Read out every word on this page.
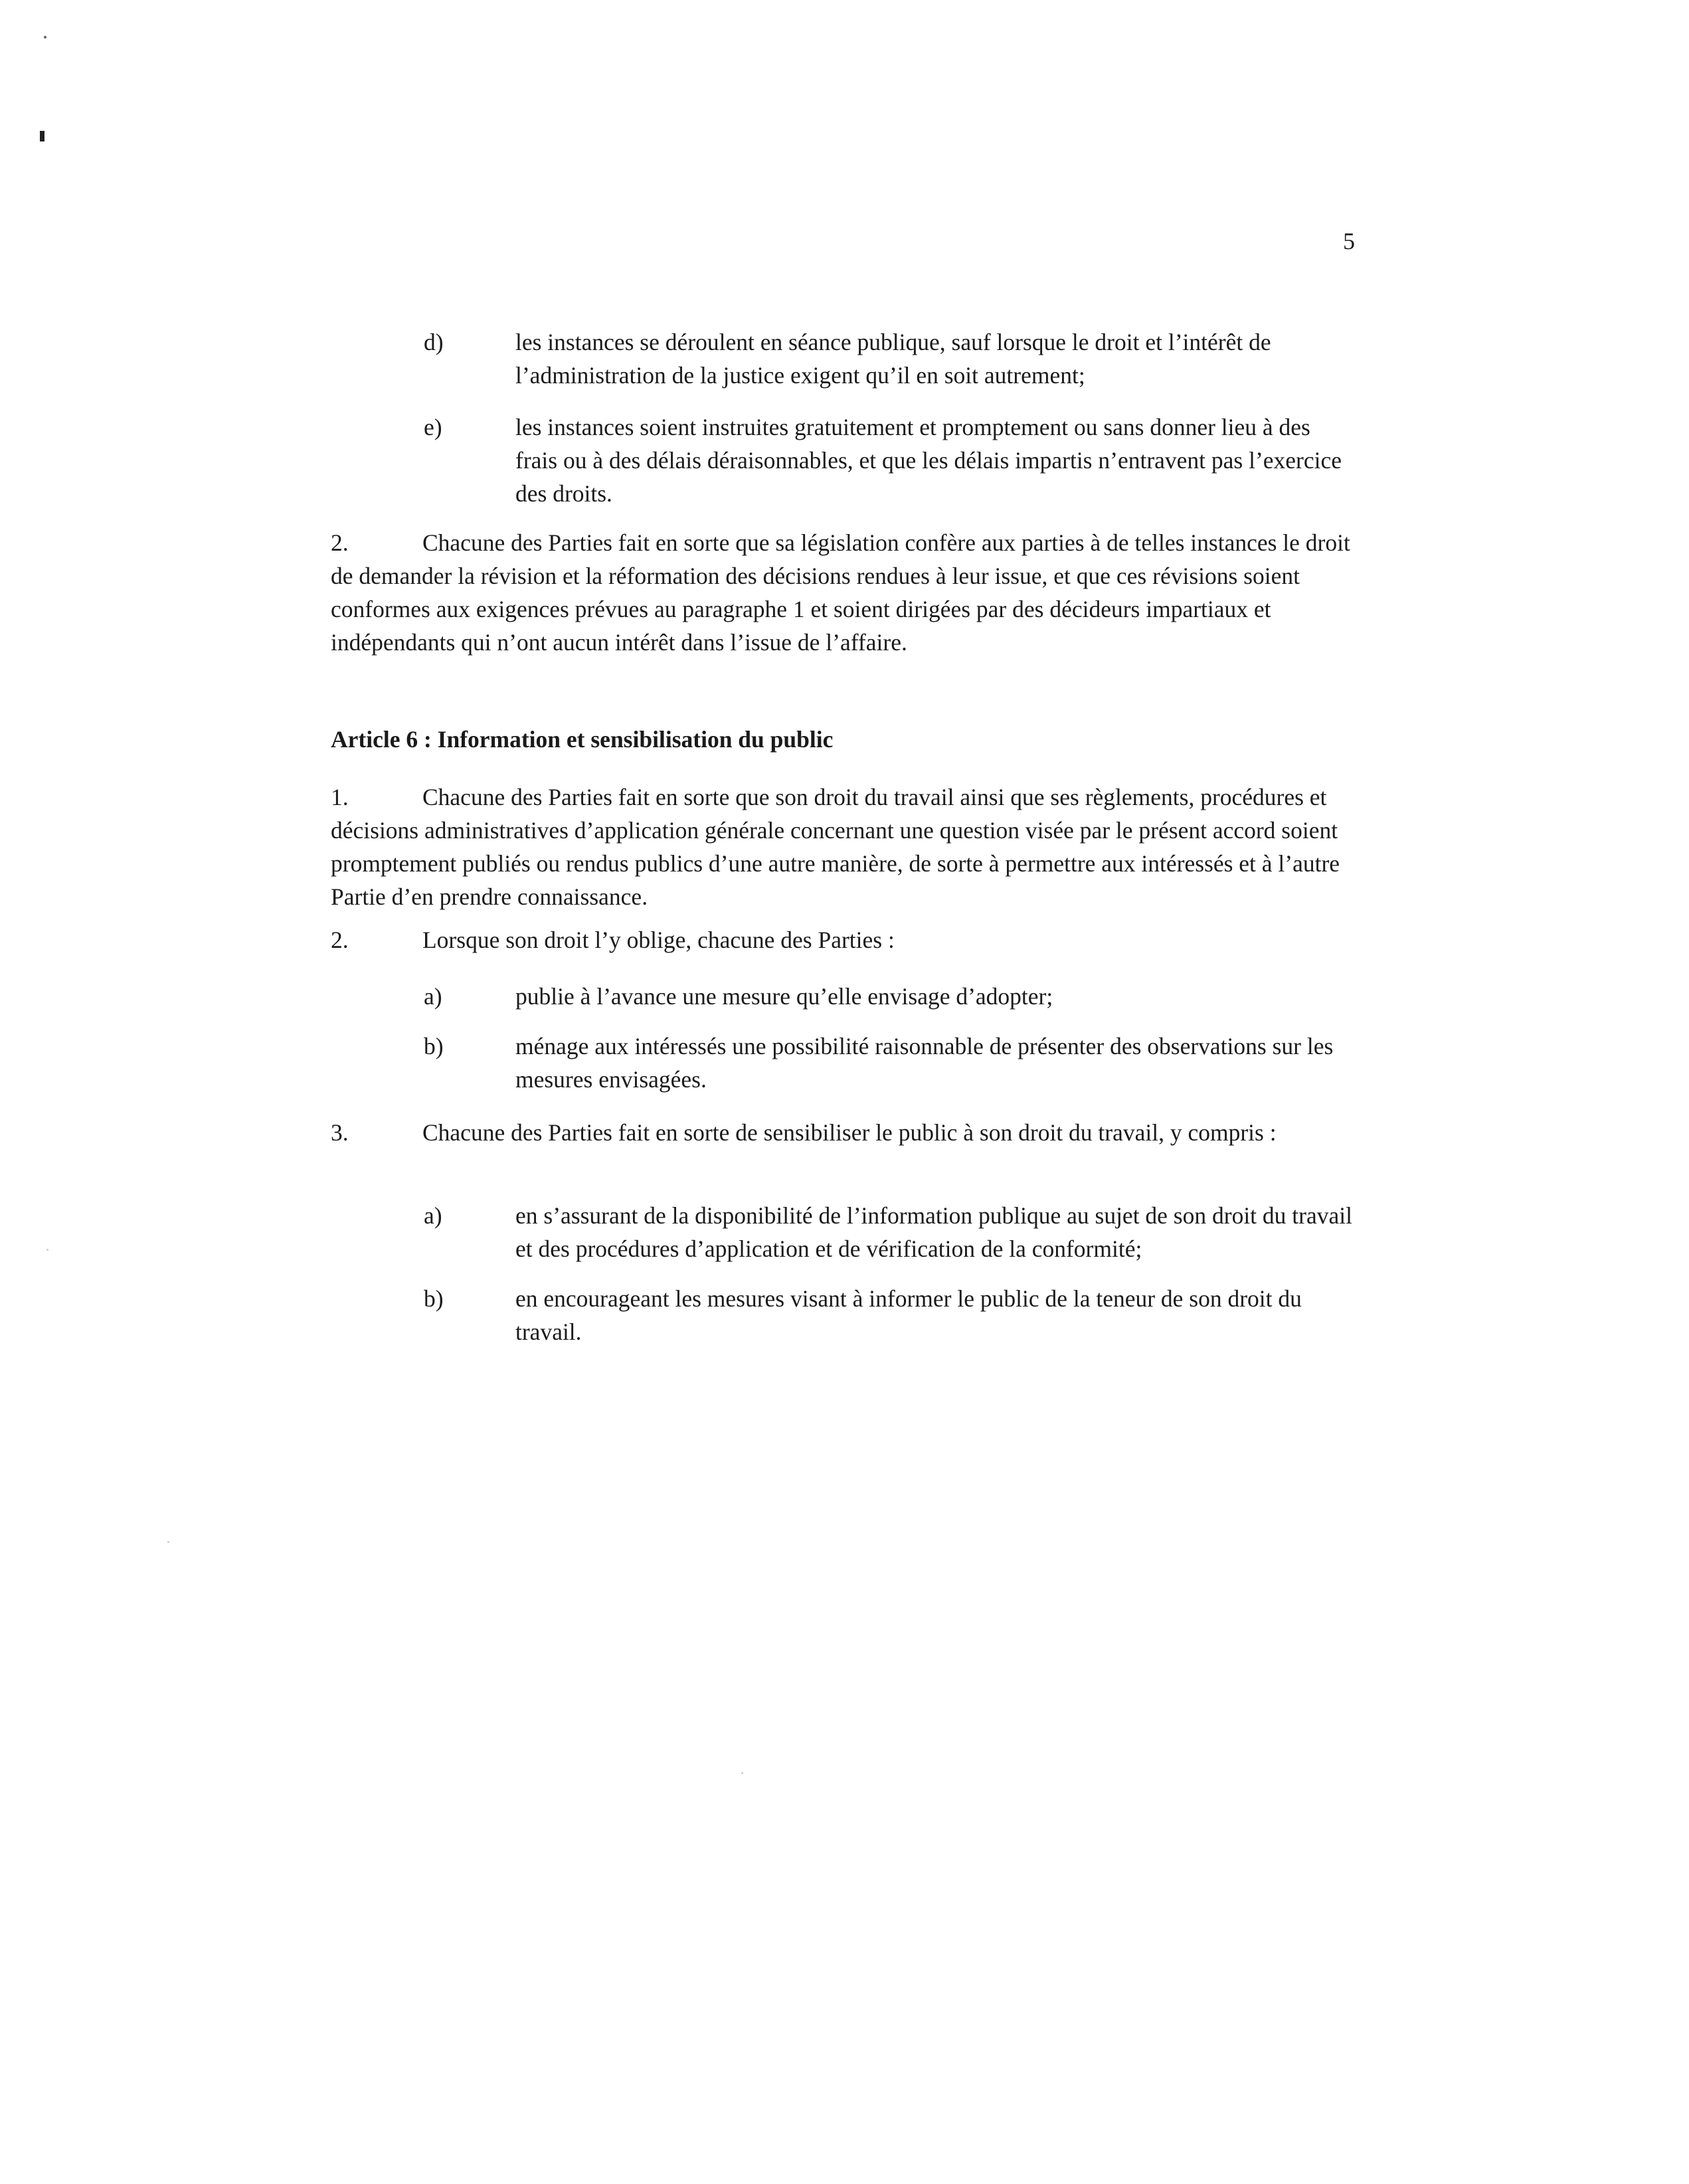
5
d)	les instances se déroulent en séance publique, sauf lorsque le droit et l’intérêt de l’administration de la justice exigent qu’il en soit autrement;
e)	les instances soient instruites gratuitement et promptement ou sans donner lieu à des frais ou à des délais déraisonnables, et que les délais impartis n’entravent pas l’exercice des droits.
2.	Chacune des Parties fait en sorte que sa législation confère aux parties à de telles instances le droit de demander la révision et la réformation des décisions rendues à leur issue, et que ces révisions soient conformes aux exigences prévues au paragraphe 1 et soient dirigées par des décideurs impartiaux et indépendants qui n’ont aucun intérêt dans l’issue de l’affaire.
Article 6 : Information et sensibilisation du public
1.	Chacune des Parties fait en sorte que son droit du travail ainsi que ses règlements, procédures et décisions administratives d’application générale concernant une question visée par le présent accord soient promptement publiés ou rendus publics d’une autre manière, de sorte à permettre aux intéressés et à l’autre Partie d’en prendre connaissance.
2.	Lorsque son droit l’y oblige, chacune des Parties :
a)	publie à l’avance une mesure qu’elle envisage d’adopter;
b)	ménage aux intéressés une possibilité raisonnable de présenter des observations sur les mesures envisagées.
3.	Chacune des Parties fait en sorte de sensibiliser le public à son droit du travail, y compris :
a)	en s’assurant de la disponibilité de l’information publique au sujet de son droit du travail et des procédures d’application et de vérification de la conformité;
b)	en encourageant les mesures visant à informer le public de la teneur de son droit du travail.
